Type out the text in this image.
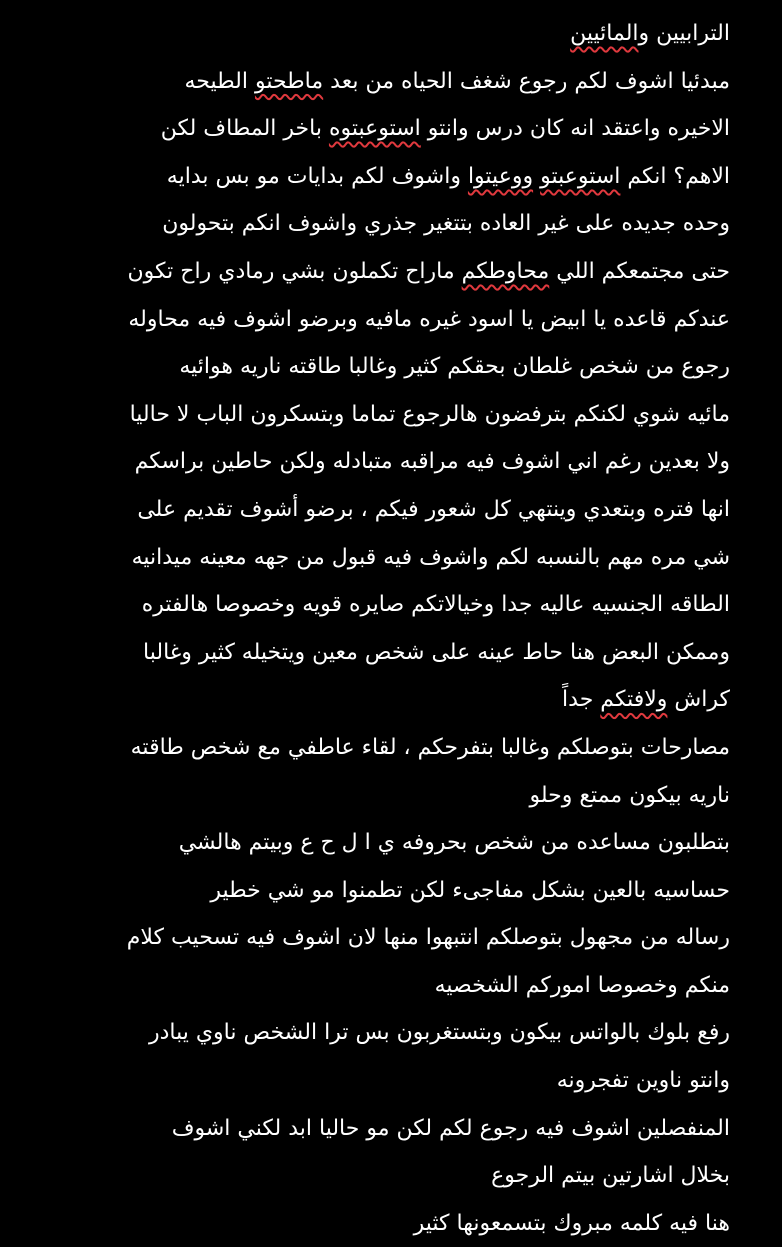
الترابيين والمائيين
مبدئيا اشوف لكم رجوع شغف الحياه من بعد ماطحتو الطيحه
الاخيره واعتقد انه كان درس وانتو استوعبتوه باخر المطاف لكن
الاهم؟ انكم استوعبتو ووعيتوا واشوف لكم بدايات مو بس بدايه
وحده جديده على غير العاده بتتغير جذري واشوف انكم بتحولون
حتى مجتمعكم اللي محاوطكم ماراح تكملون بشي رمادي راح تكون
عندكم قاعده يا ابيض يا اسود غيره مافيه وبرضو اشوف فيه محاوله
رجوع من شخص غلطان بحقكم كثير وغالبا طاقته ناريه هوائيه
مائيه شوي لكنكم بترفضون هالرجوع تماما وبتسكرون الباب لا حاليا
ولا بعدين رغم اني اشوف فيه مراقبه متبادله ولكن حاطين براسكم
انها فتره وبتعدي وينتهي كل شعور فيكم ، برضو أشوف تقديم على
شي مره مهم بالنسبه لكم واشوف فيه قبول من جهه معينه ميدانيه
الطاقه الجنسيه عاليه جدا وخيالاتكم صايره قويه وخصوصا هالفتره
وممكن البعض هنا حاط عينه على شخص معين ويتخيله كثير وغالبا
كراش ولافتكم جداً
مصارحات بتوصلكم وغالبا بتفرحكم ، لقاء عاطفي مع شخص طاقته
ناريه بيكون ممتع وحلو
بتطلبون مساعده من شخص بحروفه ي ا ل ح ع وبيتم هالشي
حساسيه بالعين بشكل مفاجىء لكن تطمنوا مو شي خطير
رساله من مجهول بتوصلكم انتبهوا منها لان اشوف فيه تسحيب كلام
منكم وخصوصا اموركم الشخصيه
رفع بلوك بالواتس بيكون وبتستغربون بس ترا الشخص ناوي يبادر
وانتو ناوين تفجرونه
المنفصلين اشوف فيه رجوع لكم لكن مو حاليا ابد لكني اشوف
بخلال اشارتين بيتم الرجوع
هنا فيه كلمه مبروك بتسمعونها كثير
